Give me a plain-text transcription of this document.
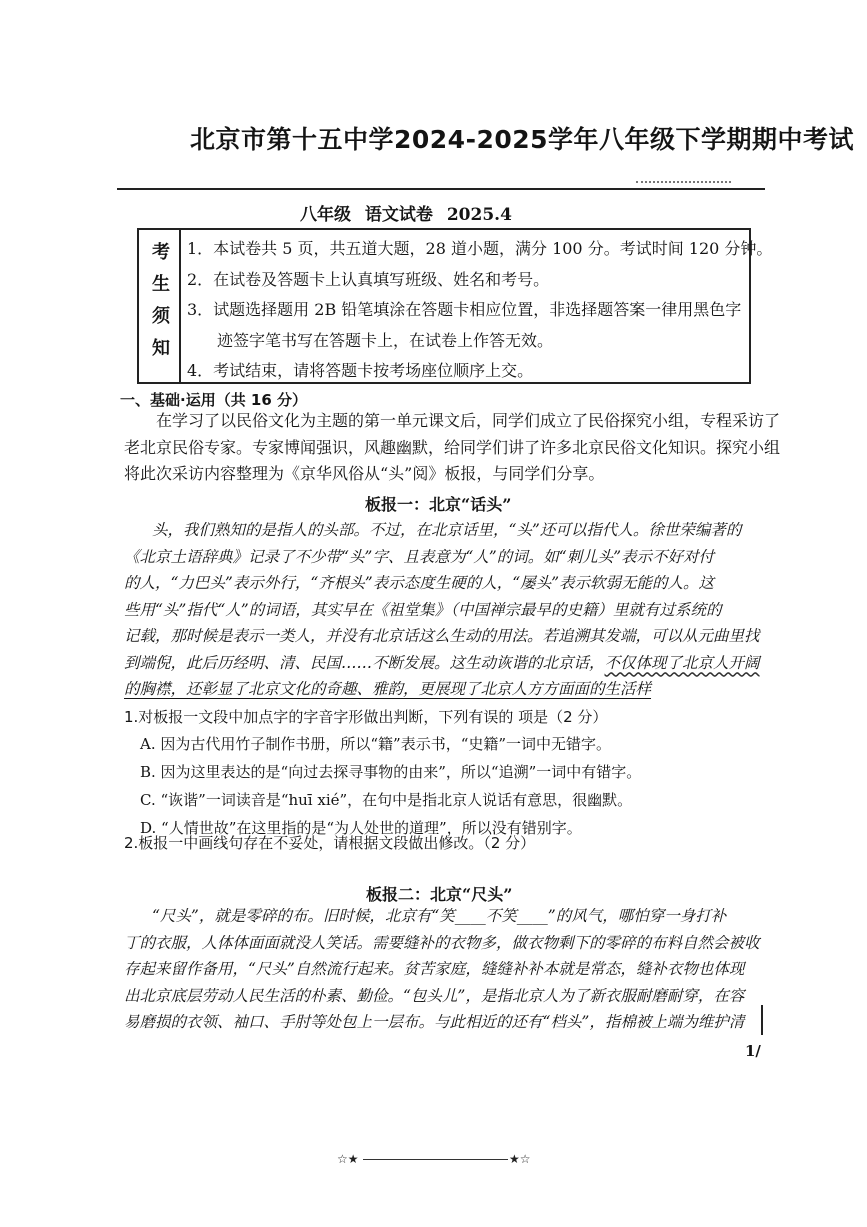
北京市第十五中学2024-2025学年八年级下学期期中考试
八年级 语文试卷 2025.4
考生须知 1．本试卷共 5 页，共五道大题，28 道小题，满分 100 分。考试时间 120 分钟。
2．在试卷及答题卡上认真填写班级、姓名和考号。
3．试题选择题用 2B 铅笔填涂在答题卡相应位置，非选择题答案一律用黑色字
迹签字笔书写在答题卡上，在试卷上作答无效。
4．考试结束，请将答题卡按考场座位顺序上交。
一、基础·运用（共 16 分）
在学习了以民俗文化为主题的第一单元课文后，同学们成立了民俗探究小组，专程采访了
老北京民俗专家。专家博闻强识，风趣幽默，给同学们讲了许多北京民俗文化知识。探究小组
将此次采访内容整理为《京华风俗从“头”阅》板报，与同学们分享。
板报一：北京“话头”
头，我们熟知的是指人的头部。不过，在北京话里，“头”还可以指代人。徐世荣编著的
《北京土语辞典》记录了不少带“头”字、且表意为“人”的词。如“刺儿头”表示不好对付
的人，“力巴头”表示外行，“齐根头”表示态度生硬的人，“屡头”表示软弱无能的人。这
些用“头”指代“人”的词语，其实早在《祖堂集》（中国禅宗最早的史籍）里就有过系统的
记载，那时候是表示一类人，并没有北京话这么生动的用法。若追溯其发端，可以从元曲里找
到端倪，此后历经明、清、民国……不断发展。这生动诙谐的北京话，不仅体现了北京人开阔
的胸襟，还彰显了北京文化的奇趣、雅韵，更展现了北京人方方面面的生活样
1.对板报一文段中加点字的字音字形做出判断，下列有误的 项是（2 分）
A. 因为古代用竹子制作书册，所以“籍”表示书，“史籍”一词中无错字。
B. 因为这里表达的是“向过去探寻事物的由来”，所以“追溯”一词中有错字。
C. “诙谐”一词读音是“huī xié”，在句中是指北京人说话有意思，很幽默。
D. “人情世故”在这里指的是“为人处世的道理”，所以没有错别字。
2.板报一中画线句存在不妥处，请根据文段做出修改。（2 分）
板报二：北京“尺头”
“尺头”，就是零碎的布。旧时候，北京有“笑____不笑____”的风气，哪怕穿一身打补
丁的衣服，人体体面面就没人笑话。需要缝补的衣物多，做衣物剩下的零碎的布料自然会被收
存起来留作备用，“尺头”自然流行起来。贫苦家庭，缝缝补补本就是常态，缝补衣物也体现
出北京底层劳动人民生活的朴素、勤俭。“包头儿”，是指北京人为了新衣服耐磨耐穿，在容
易磨损的衣领、袖口、手肘等处包上一层布。与此相近的还有“档头”，指棉被上端为维护清
1/
☆★	★☆
